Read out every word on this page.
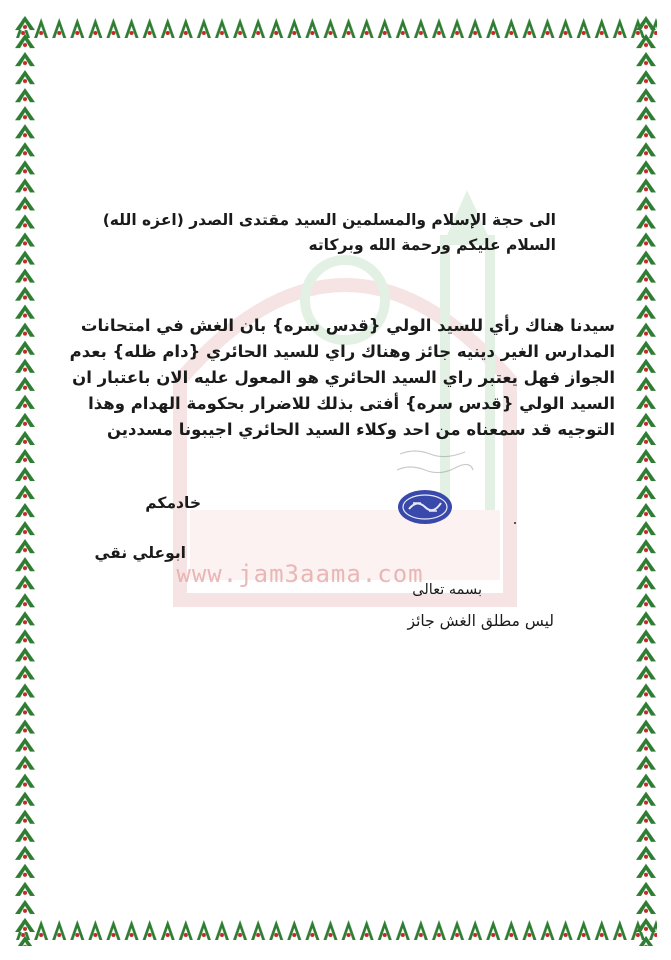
www.jam3aama.com
الى حجة الإسلام والمسلمين السيد مقتدى الصدر (اعزه الله)
السلام عليكم ورحمة الله وبركاته
سيدنا هناك رأي للسيد الولي {قدس سره} بان الغش في امتحانات
المدارس الغير دينيه جائز وهناك راي للسيد الحائري {دام ظله} بعدم
الجواز فهل يعتبر راي السيد الحائري هو المعول عليه الان باعتبار ان
السيد الولي {قدس سره} أفتى بذلك للاضرار بحكومة الهدام وهذا
التوجيه قد سمعناه من احد وكلاء السيد الحائري اجيبونا مسددين
خادمكم
ابوعلي نقي
بسمه تعالى
ليس مطلق الغش جائز
